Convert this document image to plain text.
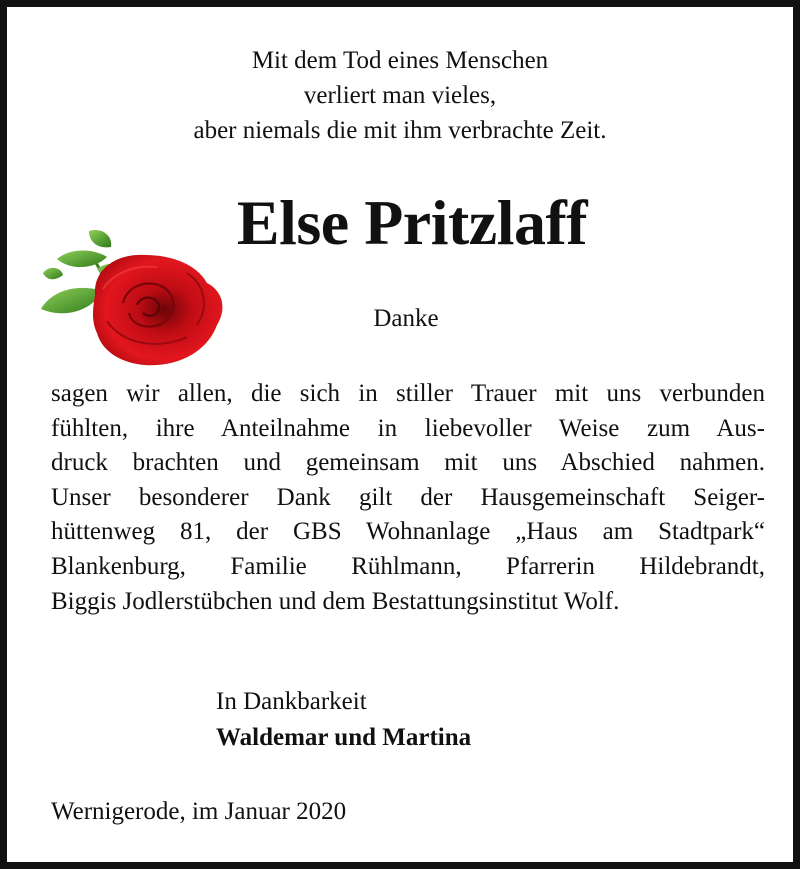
Mit dem Tod eines Menschen
verliert man vieles,
aber niemals die mit ihm verbrachte Zeit.
Else Pritzlaff
Danke
sagen wir allen, die sich in stiller Trauer mit uns verbunden
fühlten, ihre Anteilnahme in liebevoller Weise zum Aus-
druck brachten und gemeinsam mit uns Abschied nahmen.
Unser besonderer Dank gilt der Hausgemeinschaft Seiger-
hüttenweg 81, der GBS Wohnanlage „Haus am Stadtpark“
Blankenburg, Familie Rühlmann, Pfarrerin Hildebrandt,
Biggis Jodlerstübchen und dem Bestattungsinstitut Wolf.
In Dankbarkeit
Waldemar und Martina
Wernigerode, im Januar 2020
